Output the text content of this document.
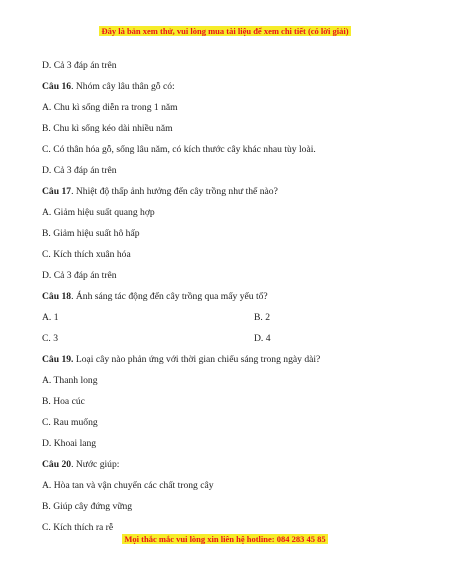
Đây là bản xem thử, vui lòng mua tài liệu để xem chi tiết (có lời giải)
D. Cả 3 đáp án trên
Câu 16. Nhóm cây lâu thân gỗ có:
A. Chu kì sống diễn ra trong 1 năm
B. Chu kì sống kéo dài nhiều năm
C. Có thân hóa gỗ, sống lâu năm, có kích thước cây khác nhau tùy loài.
D. Cả 3 đáp án trên
Câu 17. Nhiệt độ thấp ảnh hưởng đến cây trồng như thế nào?
A. Giảm hiệu suất quang hợp
B. Giảm hiệu suất hô hấp
C. Kích thích xuân hóa
D. Cả 3 đáp án trên
Câu 18. Ánh sáng tác động đến cây trồng qua mấy yếu tố?
A. 1	B. 2
C. 3	D. 4
Câu 19. Loại cây nào phản ứng với thời gian chiếu sáng trong ngày dài?
A. Thanh long
B. Hoa cúc
C. Rau muống
D. Khoai lang
Câu 20. Nước giúp:
A. Hòa tan và vận chuyển các chất trong cây
B. Giúp cây đứng vững
C. Kích thích ra rễ
Mọi thắc mắc vui lòng xin liên hệ hotline: 084 283 45 85
